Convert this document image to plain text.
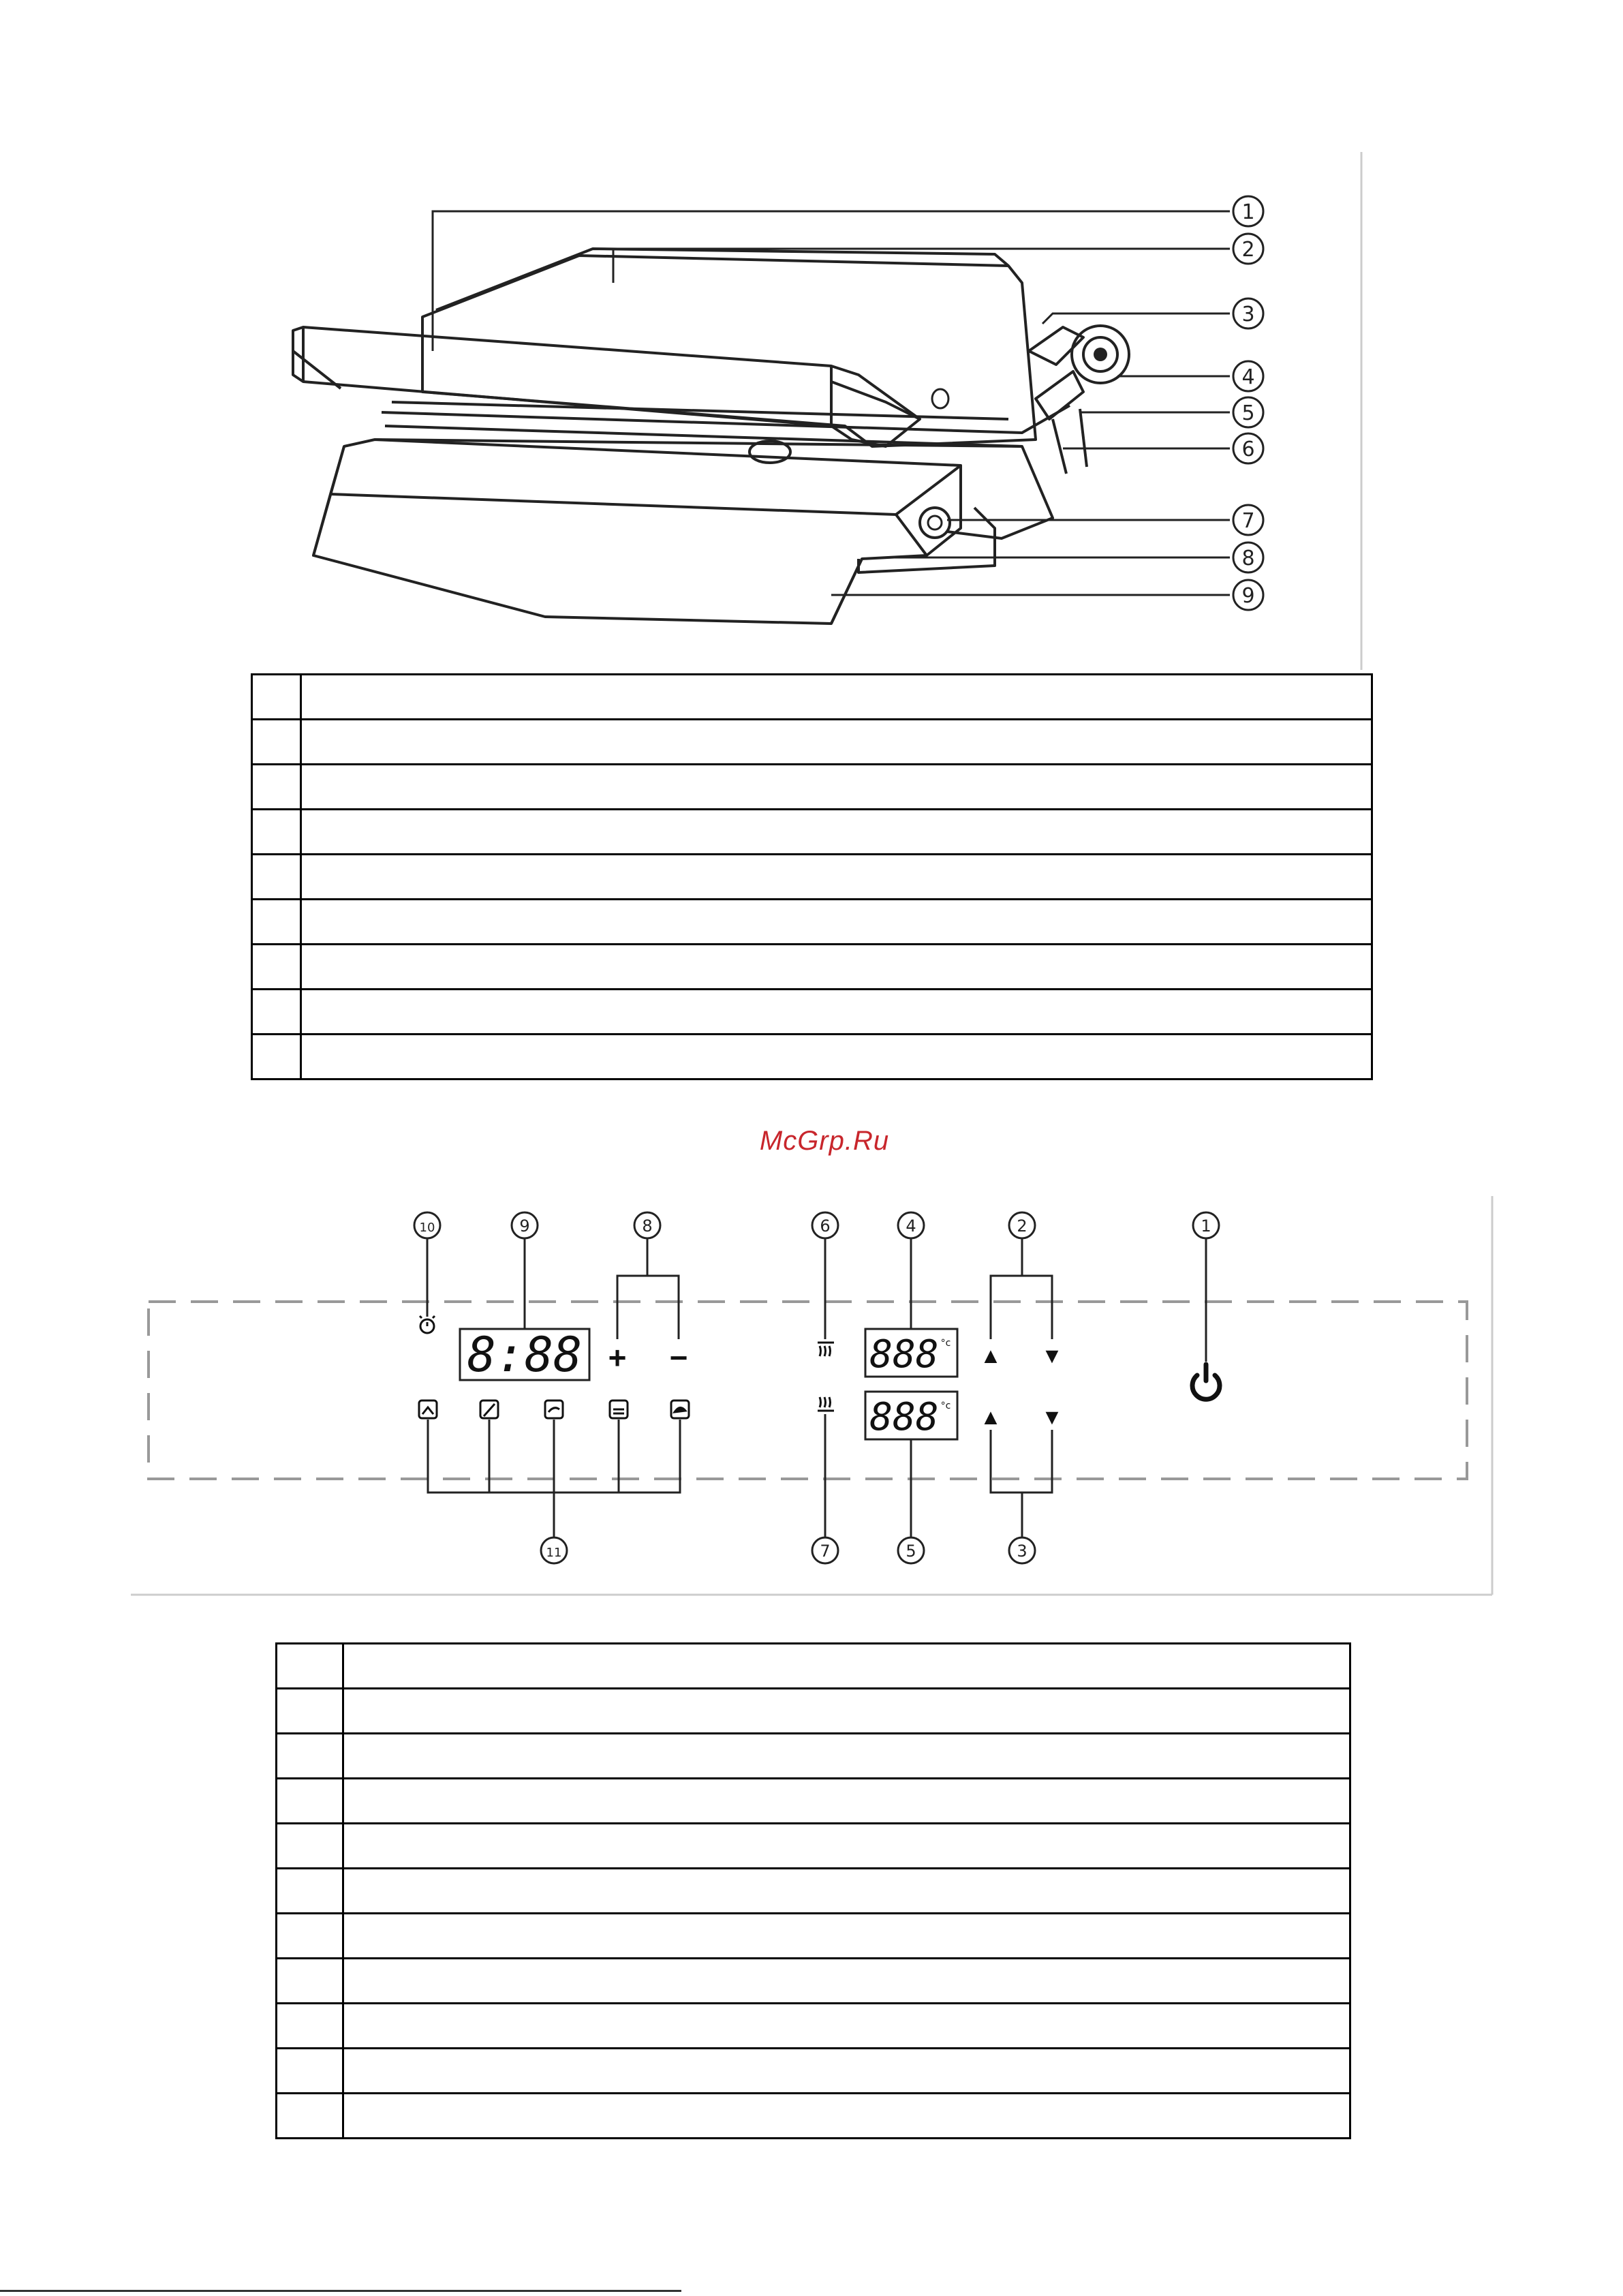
1
2
3
4
5
6
7
8
9

McGrp.Ru
8:88	888 °c
888 °c
+ −	▲ ▼
▲ ▼
10	9	8	6	4	2	1
11	7	5	3
